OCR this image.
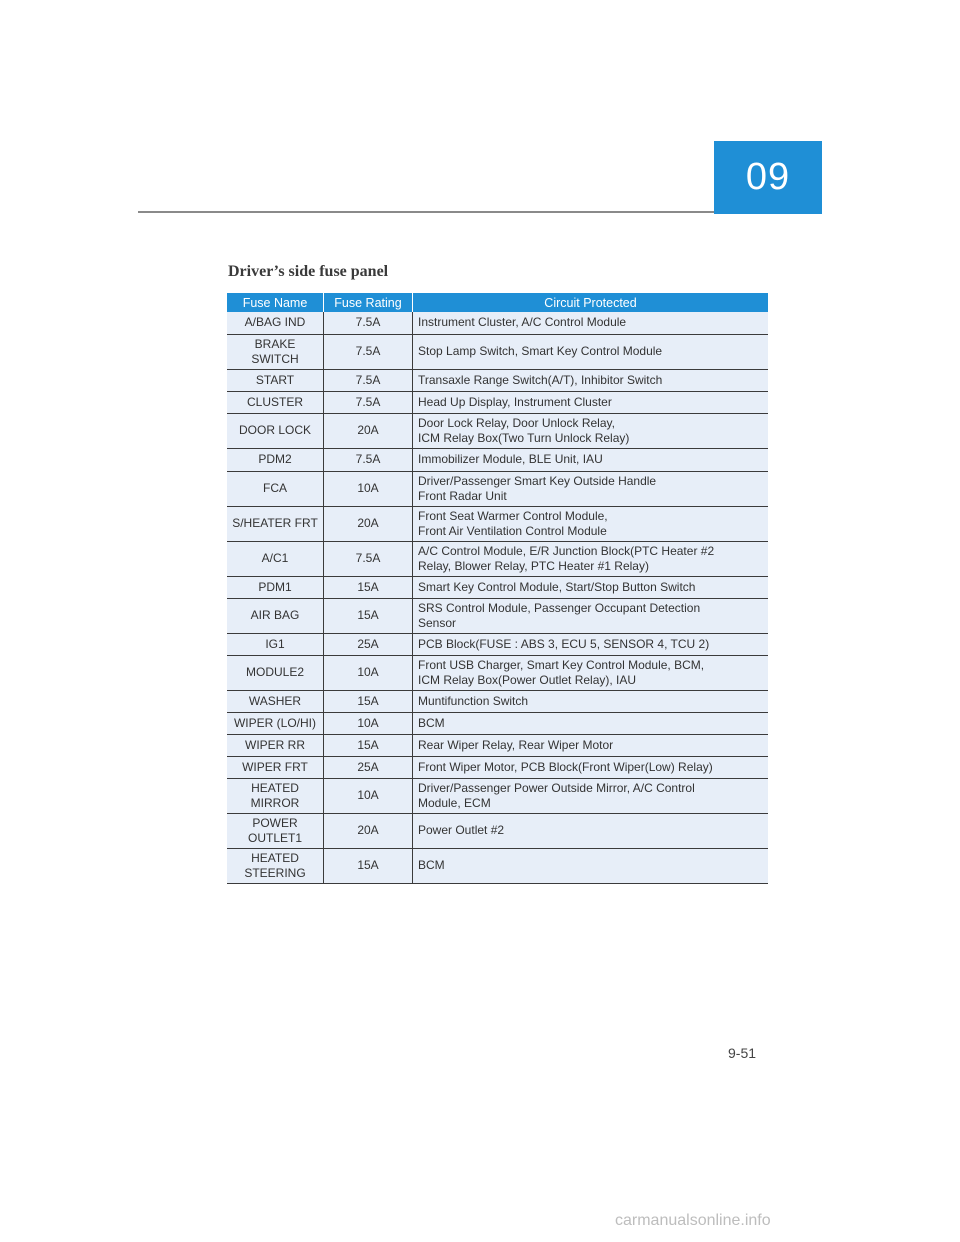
09
Driver’s side fuse panel
Fuse Name	Fuse Rating	Circuit Protected
A/BAG IND	7.5A	Instrument Cluster, A/C Control Module
BRAKE
SWITCH	7.5A	Stop Lamp Switch, Smart Key Control Module
START	7.5A	Transaxle Range Switch(A/T), Inhibitor Switch
CLUSTER	7.5A	Head Up Display, Instrument Cluster
DOOR LOCK	20A	Door Lock Relay, Door Unlock Relay,
ICM Relay Box(Two Turn Unlock Relay)
PDM2	7.5A	Immobilizer Module, BLE Unit, IAU
FCA	10A	Driver/Passenger Smart Key Outside Handle
Front Radar Unit
S/HEATER FRT	20A	Front Seat Warmer Control Module,
Front Air Ventilation Control Module
A/C1	7.5A	A/C Control Module, E/R Junction Block(PTC Heater #2
Relay, Blower Relay, PTC Heater #1 Relay)
PDM1	15A	Smart Key Control Module, Start/Stop Button Switch
AIR BAG	15A	SRS Control Module, Passenger Occupant Detection
Sensor
IG1	25A	PCB Block(FUSE : ABS 3, ECU 5, SENSOR 4, TCU 2)
MODULE2	10A	Front USB Charger, Smart Key Control Module, BCM,
ICM Relay Box(Power Outlet Relay), IAU
WASHER	15A	Muntifunction Switch
WIPER (LO/HI)	10A	BCM
WIPER RR	15A	Rear Wiper Relay, Rear Wiper Motor
WIPER FRT	25A	Front Wiper Motor, PCB Block(Front Wiper(Low) Relay)
HEATED
MIRROR	10A	Driver/Passenger Power Outside Mirror, A/C Control
Module, ECM
POWER
OUTLET1	20A	Power Outlet #2
HEATED
STEERING	15A	BCM
9-51
carmanualsonline.info
